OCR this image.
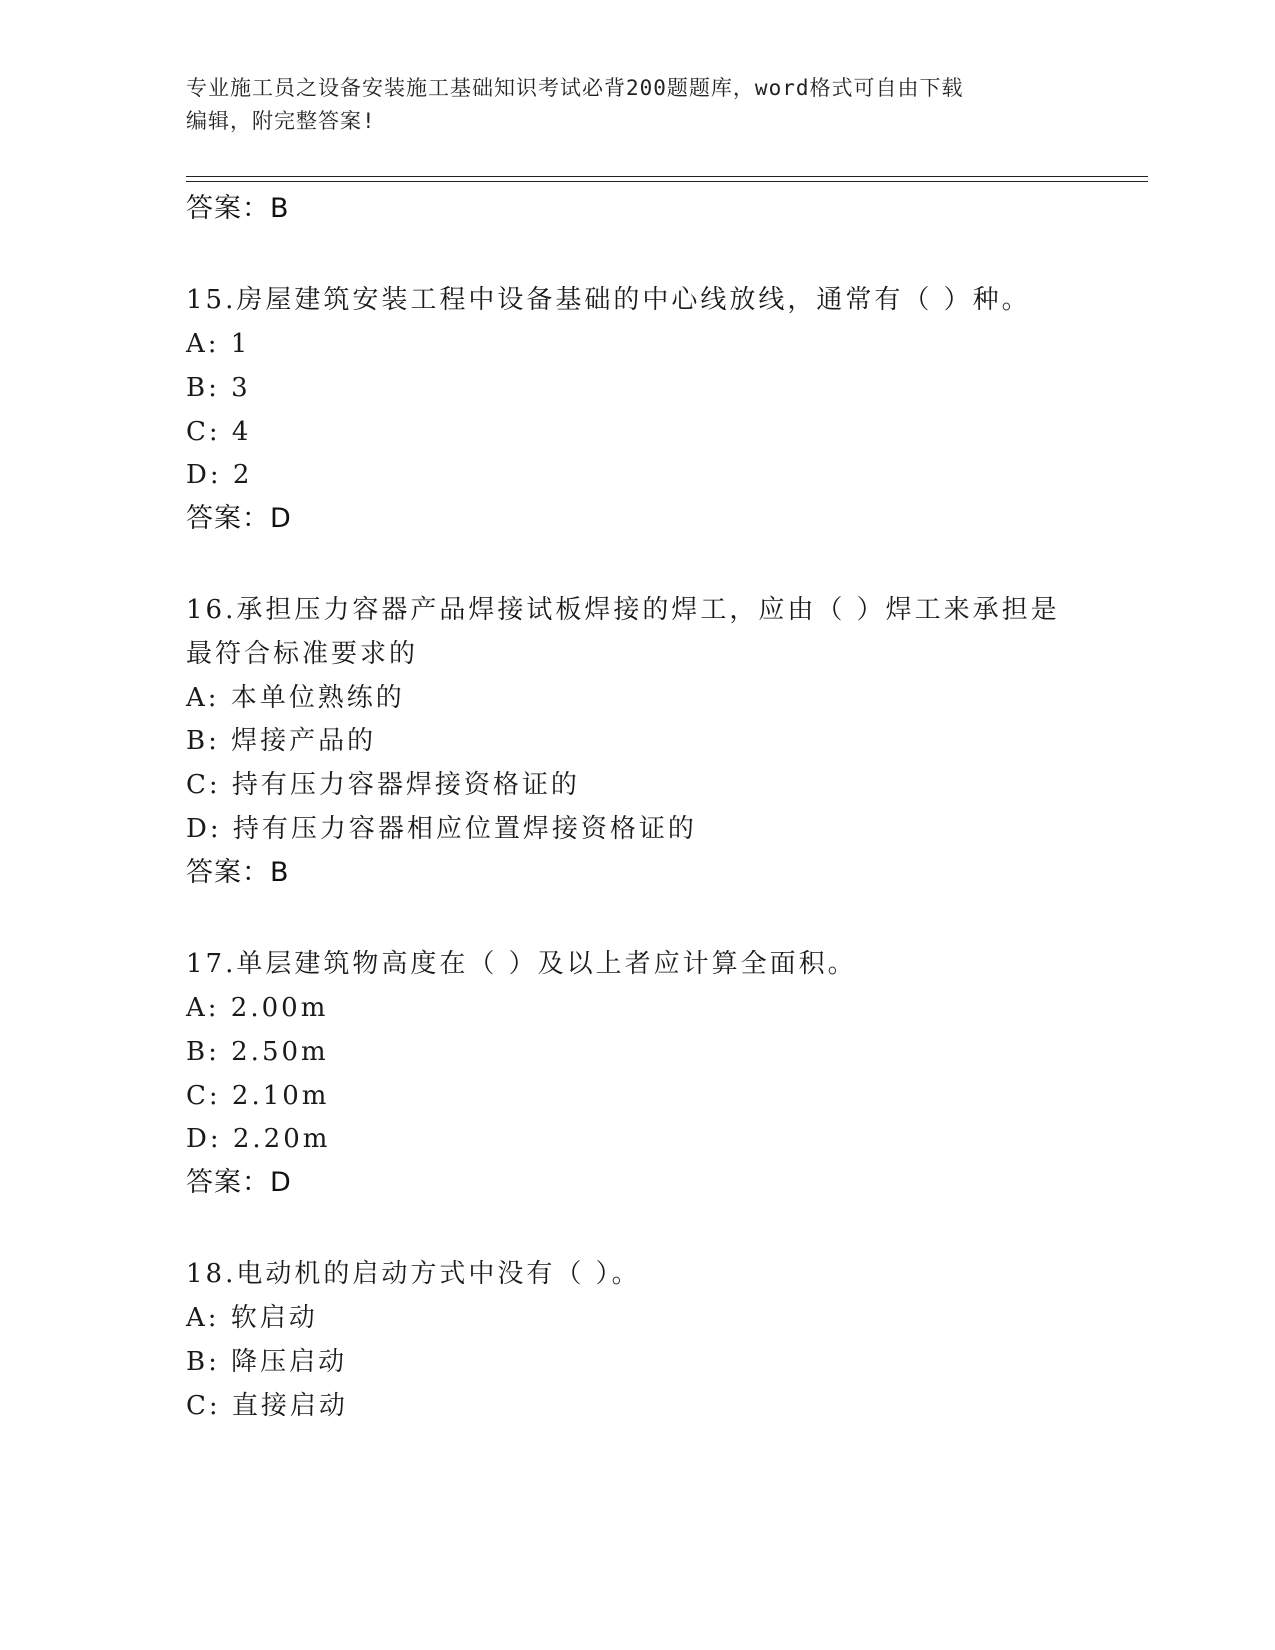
专业施工员之设备安装施工基础知识考试必背200题题库，word格式可自由下载
编辑，附完整答案!
答案：B
15.房屋建筑安装工程中设备基础的中心线放线，通常有（ ）种。
A: 1
B: 3
C: 4
D: 2
答案：D
16.承担压力容器产品焊接试板焊接的焊工，应由（ ）焊工来承担是
最符合标准要求的
A: 本单位熟练的
B: 焊接产品的
C: 持有压力容器焊接资格证的
D: 持有压力容器相应位置焊接资格证的
答案：B
17.单层建筑物高度在（ ）及以上者应计算全面积。
A: 2.00m
B: 2.50m
C: 2.10m
D: 2.20m
答案：D
18.电动机的启动方式中没有（ ）。
A: 软启动
B: 降压启动
C: 直接启动
